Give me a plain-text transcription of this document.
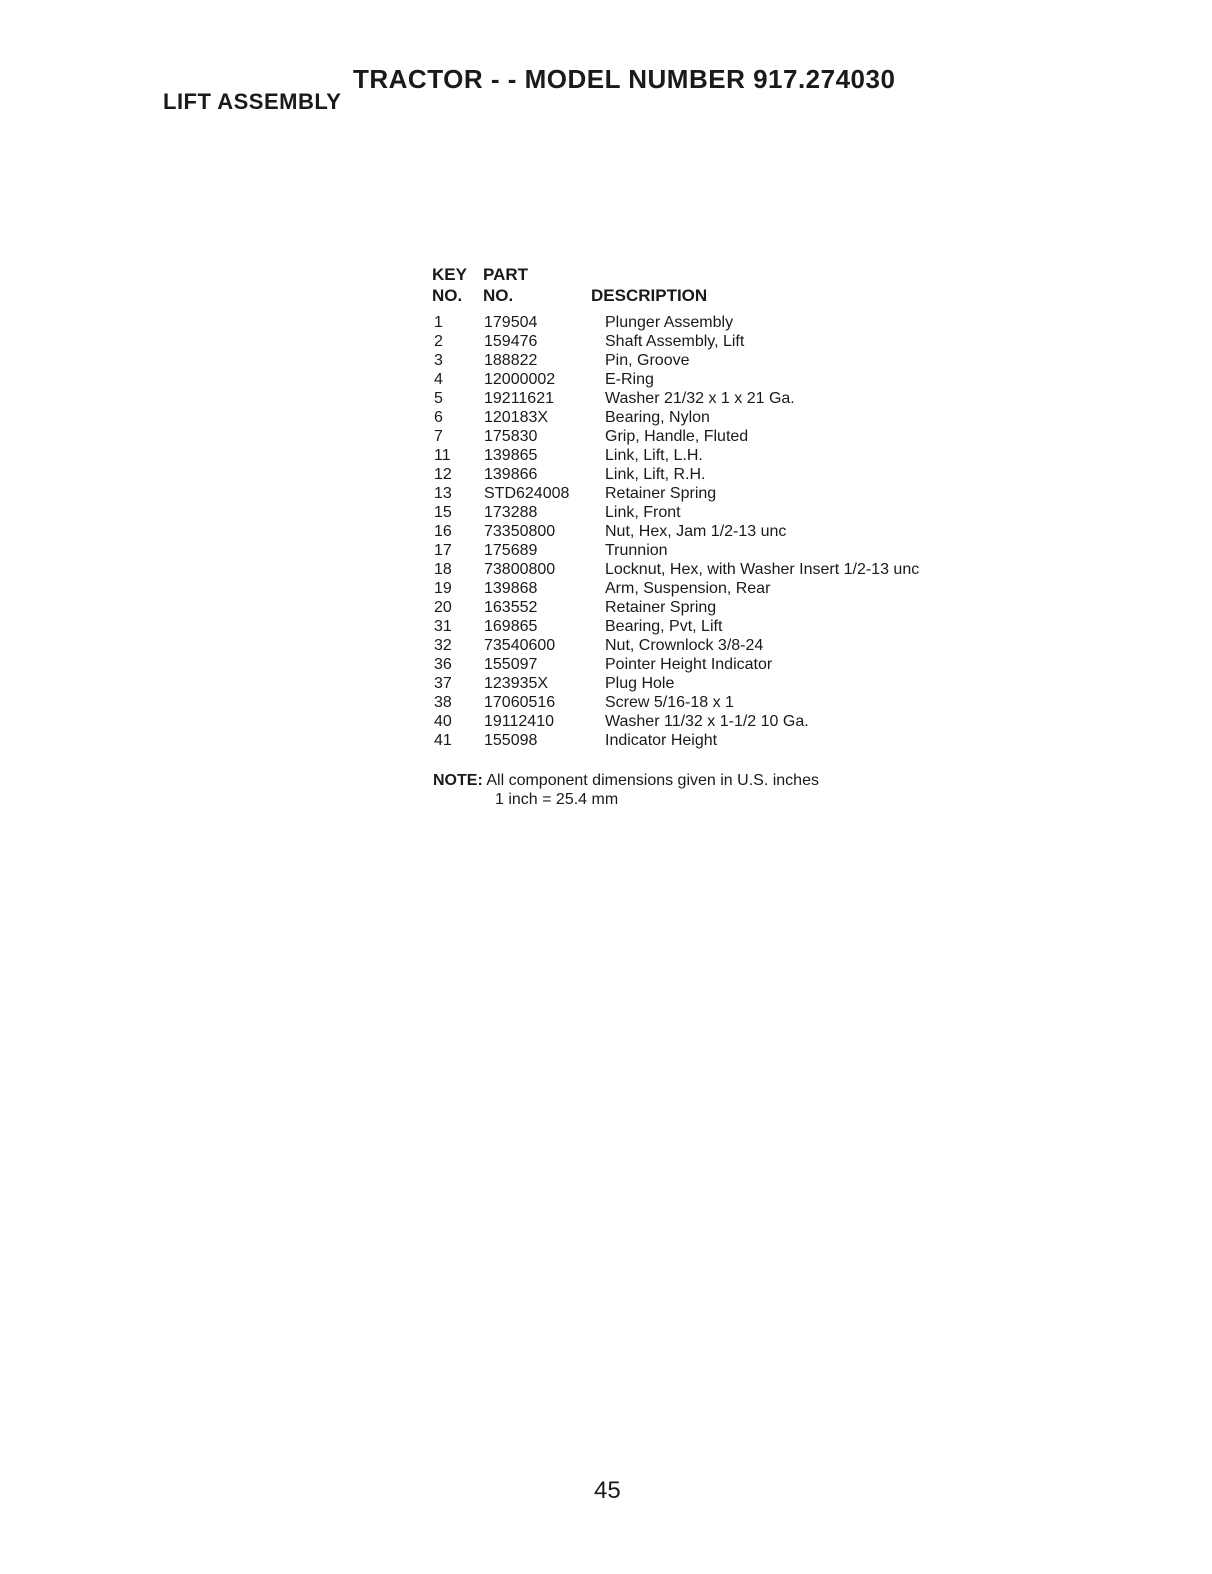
TRACTOR - - MODEL NUMBER 917.274030
LIFT ASSEMBLY
KEY PART
NO. NO.	DESCRIPTION
1	179504	Plunger Assembly
2	159476	Shaft Assembly, Lift
3	188822	Pin, Groove
4	12000002	E-Ring
5	19211621	Washer 21/32 x 1 x 21 Ga.
6	120183X	Bearing, Nylon
7	175830	Grip, Handle, Fluted
11 139865	Link, Lift, L.H.
12 139866	Link, Lift, R.H.
13 STD624008 Retainer Spring
15 173288	Link, Front
16 73350800	Nut, Hex, Jam 1/2-13 unc
17 175689	Trunnion
18 73800800	Locknut, Hex, with Washer Insert 1/2-13 unc
19 139868	Arm, Suspension, Rear
20 163552	Retainer Spring
31 169865	Bearing, Pvt, Lift
32 73540600	Nut, Crownlock 3/8-24
36 155097	Pointer Height Indicator
37 123935X	Plug Hole
38 17060516	Screw 5/16-18 x 1
40 19112410	Washer 11/32 x 1-1/2 10 Ga.
41 155098	Indicator Height
NOTE: All component dimensions given in U.S. inches
1 inch = 25.4 mm
45
